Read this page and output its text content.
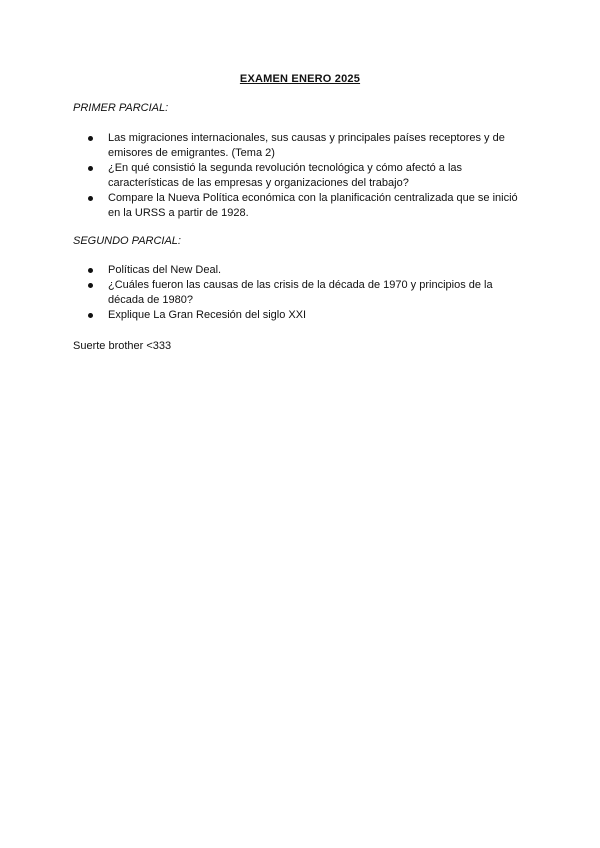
EXAMEN ENERO 2025
PRIMER PARCIAL:
Las migraciones internacionales, sus causas y principales países receptores y de emisores de emigrantes. (Tema 2)
¿En qué consistió la segunda revolución tecnológica y cómo afectó a las características de las empresas y organizaciones del trabajo?
Compare la Nueva Política económica con la planificación centralizada que se inició en la URSS a partir de 1928.
SEGUNDO PARCIAL:
Políticas del New Deal.
¿Cuáles fueron las causas de las crisis de la década de 1970 y principios de la década de 1980?
Explique La Gran Recesión del siglo XXI
Suerte brother <333
